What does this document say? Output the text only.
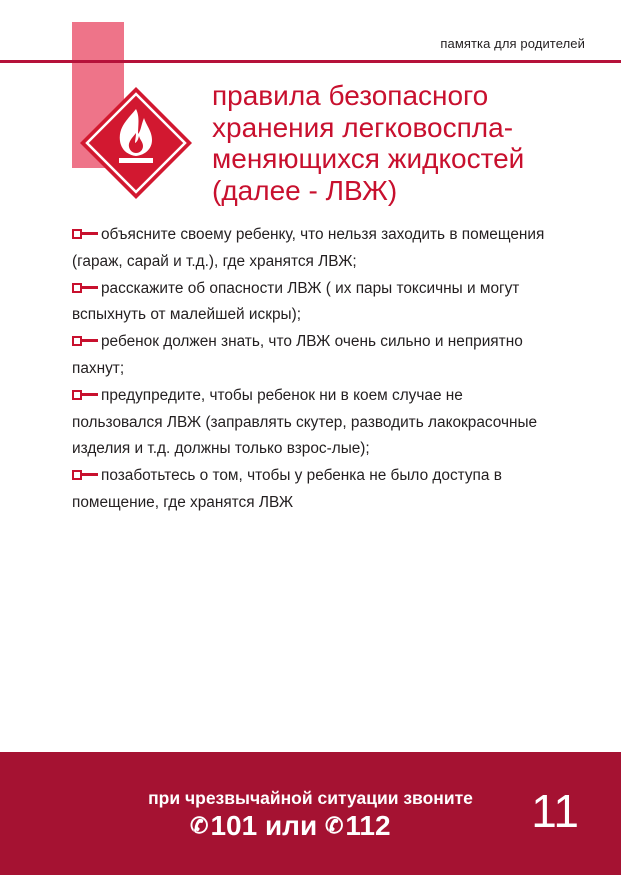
памятка для родителей
правила безопасного
хранения легковоспла-
меняющихся жидкостей
(далее - ЛВЖ)

объясните своему ребенку, что нельзя заходить в помещения (гараж, сарай и т.д.), где хранятся ЛВЖ;

расскажите об опасности ЛВЖ ( их пары токсичны и могут вспыхнуть от малейшей искры);

ребенок должен знать, что ЛВЖ очень сильно и неприятно пахнут;

предупредите, чтобы ребенок ни в коем случае не пользовался ЛВЖ (заправлять скутер, разводить лакокрасочные изделия и т.д. должны только взрос-лые);

позаботьтесь о том, чтобы у ребенка не было доступа в помещение, где хранятся ЛВЖ

при чрезвычайной ситуации звоните
✆101 или ✆112	11
